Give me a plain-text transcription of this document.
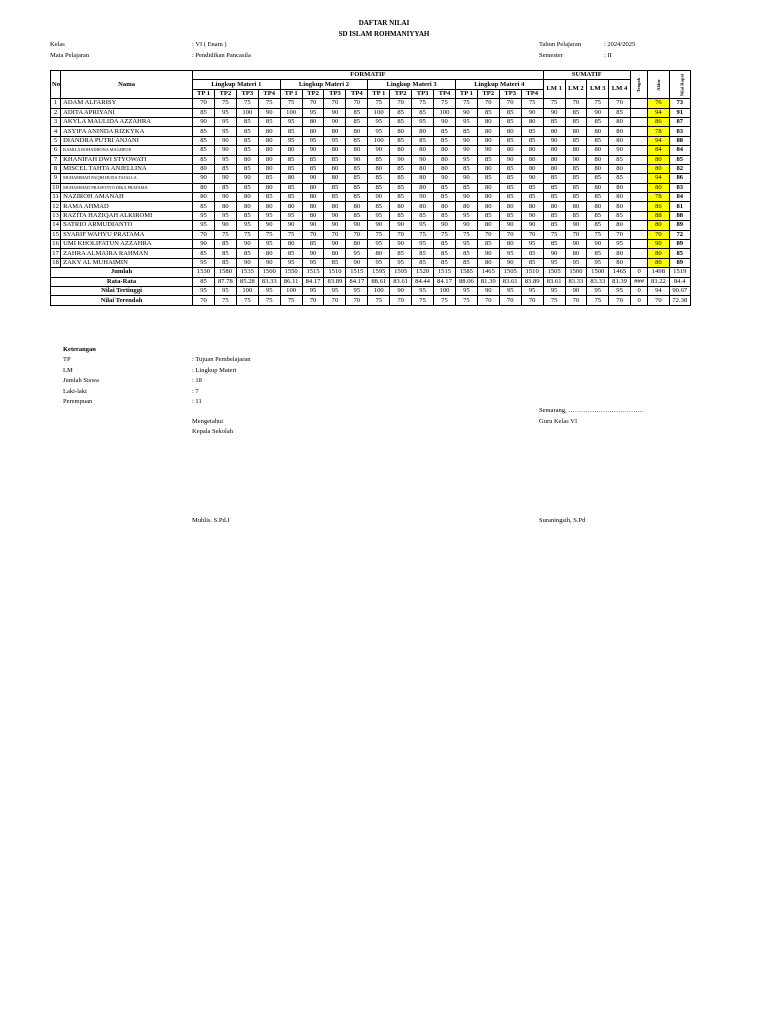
DAFTAR NILAI
SD ISLAM ROHMANIYYAH
Kelas	: VI ( Enam )
Mata Pelajaran	: Pendidikan Pancasila
Tahun Pelajaran	: 2024/2025
Semester	: II
No	Nama	FORMATIF																SUMATIF				Tengah	Akhir	Nilai Rapot
		Lingkup Materi 1				Lingkup Materi 2				Lingkup Materi 3				Lingkup Materi 4				LM 1	LM 2	LM 3	LM 4			
		TP 1	TP2	TP3	TP4	TP 1	TP2	TP3	TP4	TP 1	TP2	TP3	TP4	TP 1	TP2	TP3	TP4							
1	ADAM ALFARISY	70	75	75	75	75	70	70	70	75	70	75	75	75	70	70	75	75	70	75	70		76	73
2	ADITA APRIYANI	85	95	100	90	100	95	90	85	100	85	85	100	90	85	85	90	90	85	90	85		94	91
3	AKYLA MAULIDA AZZAHRA	90	95	85	85	95	80	90	85	95	85	95	90	95	80	85	80	85	85	85	80		86	87
4	ASYIFA ANINDA RIZKYKA	85	95	85	80	85	80	80	80	95	80	80	85	85	80	80	85	80	80	80	80		78	83
5	DIANDRA PUTRI ANJANI	85	90	85	80	95	95	95	85	100	85	85	85	90	80	85	85	90	85	85	80		94	88
6	KAMILA ROHADHONA MAGHFUR	85	90	85	80	80	90	80	80	90	80	80	80	90	90	80	80	80	80	80	90		84	84
7	KHANIFAH DWI STYOWATI	85	95	80	80	85	85	85	90	85	90	90	80	95	85	90	80	80	90	80	85		80	85
8	MISCEL TAHTA ANJELLINA	80	85	85	80	85	85	80	85	80	85	80	80	85	80	85	80	80	85	80	80		80	82
9	MUHAMMAD FAQIH HUDA TAJALLA	90	90	90	85	80	90	80	85	85	85	80	90	90	85	85	90	85	85	85	85		94	86
10	MUHAMMAD PRASETIYO DIKA PRATAMA	80	85	85	80	85	80	85	85	85	85	80	85	85	80	85	85	85	85	80	80		80	83
11	NAZIROH AMANAH	80	90	80	85	85	80	85	85	90	85	90	85	90	80	85	85	85	85	85	80		78	84
12	RAMA AHMAD	85	80	80	80	80	80	80	80	85	80	80	80	80	80	80	80	80	80	80	80		86	81
13	RAZITA HAZIQAH ALKIROMI	95	95	85	95	95	80	90	85	95	85	85	85	95	85	85	90	85	85	85	85		88	88
14	SATRIO ARMUDIANTO	95	90	95	90	90	90	90	90	90	90	95	90	90	80	90	90	85	90	85	80		80	89
15	SYARIF WAHYU PRATAMA	70	75	75	75	75	70	70	70	75	70	75	75	75	70	70	70	75	70	75	70		70	72
16	UMI KHOLIFATUN AZZAHRA	90	85	90	95	80	85	90	80	95	90	95	85	95	85	80	95	85	90	90	95		90	89
17	ZAHRA ALMAIRA RAHMAN	85	85	85	80	85	90	80	95	80	85	85	85	85	90	95	85	90	80	85	80		80	85
18	ZAKY AL MUHAIMIN	95	85	90	90	95	95	85	90	95	95	85	85	85	80	90	85	95	95	95	80		80	89
Jumlah		1530	1580	1535	1500	1550	1515	1510	1515	1595	1505	1520	1515	1585	1465	1505	1510	1505	1500	1500	1465	0	1498	1519
Rata-Rata		85	87.78	85.28	83.33	86.11	84.17	83.89	84.17	88.61	83.61	84.44	84.17	88.06	81.39	83.61	83.89	83.61	83.33	83.33	81.39	###	83.22	84.4
Nilai Tertinggi		95	95	100	95	100	95	95	95	100	90	95	100	95	90	95	95	95	90	95	95	0	94	90.67
Nilai Terendah		70	75	75	75	75	70	70	70	75	70	75	75	75	70	70	70	75	70	75	70	0	70	72.38
Keterangan
TP	: Tujuan Pembelajaran
LM	: Lingkup Materi
Jumlah Siswa	: 18
Laki-laki	: 7
Perempuan	: 11
Semarang, ……………………………..
Guru Kelas VI
Mengetahui
Kepala Sekolah
Muhlis. S.Pd.I	Suraningsih, S.Pd
